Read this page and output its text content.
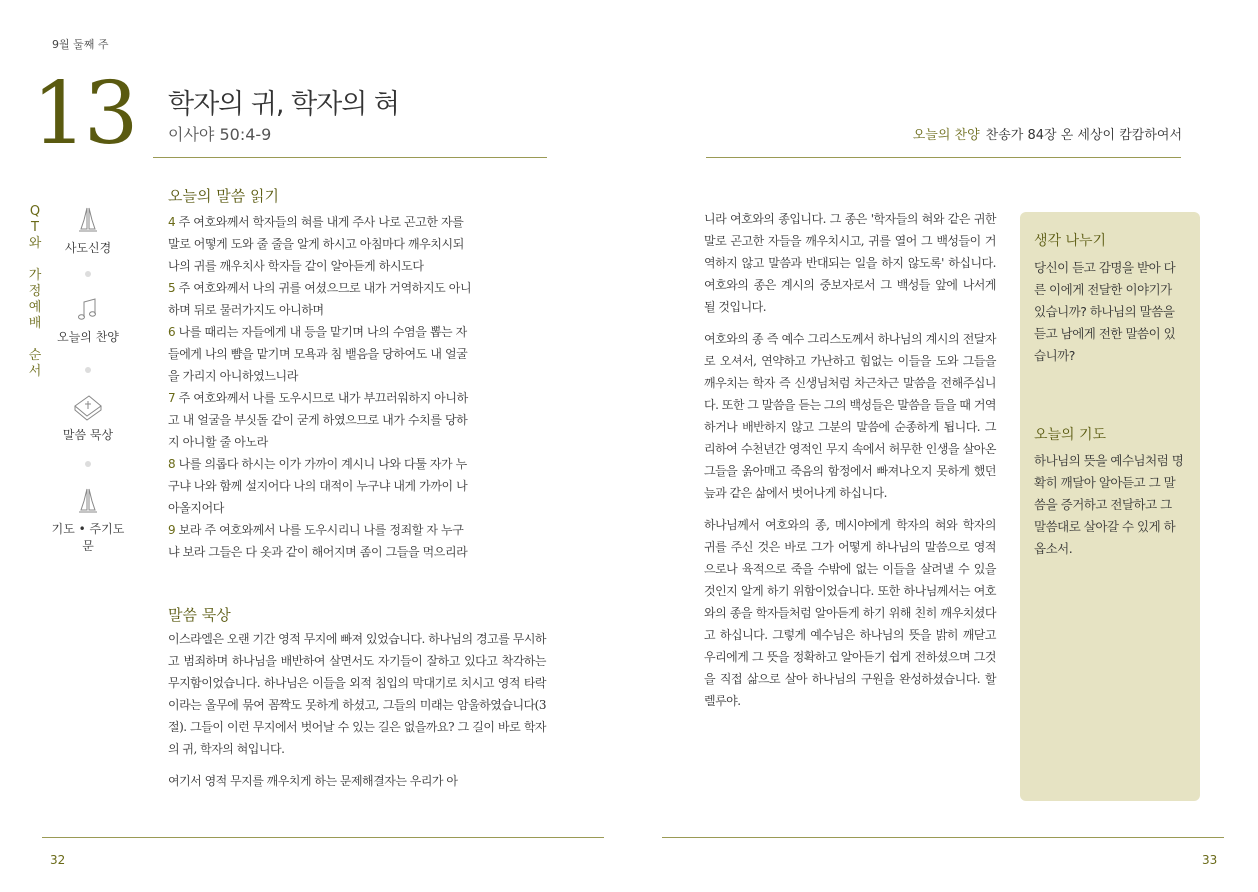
9월 둘째 주
13 학자의 귀, 학자의 혀
이사야 50:4-9	오늘의 찬양 찬송가 84장 온 세상이 캄캄하여서
Q
T
와
가
정
예
배
순
서
사도신경
오늘의 찬양
말씀 묵상
기도 • 주기도문
오늘의 말씀 읽기
4 주 여호와께서 학자들의 혀를 내게 주사 나로 곤고한 자를
말로 어떻게 도와 줄 줄을 알게 하시고 아침마다 깨우치시되
나의 귀를 깨우치사 학자들 같이 알아듣게 하시도다
5 주 여호와께서 나의 귀를 여셨으므로 내가 거역하지도 아니
하며 뒤로 물러가지도 아니하며
6 나를 때리는 자들에게 내 등을 맡기며 나의 수염을 뽑는 자
들에게 나의 뺨을 맡기며 모욕과 침 뱉음을 당하여도 내 얼굴
을 가리지 아니하였느니라
7 주 여호와께서 나를 도우시므로 내가 부끄러워하지 아니하
고 내 얼굴을 부싯돌 같이 굳게 하였으므로 내가 수치를 당하
지 아니할 줄 아노라
8 나를 의롭다 하시는 이가 가까이 계시니 나와 다툴 자가 누
구냐 나와 함께 설지어다 나의 대적이 누구냐 내게 가까이 나
아올지어다
9 보라 주 여호와께서 나를 도우시리니 나를 정죄할 자 누구
냐 보라 그들은 다 옷과 같이 해어지며 좀이 그들을 먹으리라
말씀 묵상

이스라엘은 오랜 기간 영적 무지에 빠져 있었습니다. 하나님의 경고를 무시하고 범죄하며 하나님을 배반하여 살면서도 자기들이 잘하고 있다고 착각하는 무지함이었습니다. 하나님은 이들을 외적 침입의 막대기로 치시고 영적 타락이라는 올무에 묶여 꼼짝도 못하게 하셨고, 그들의 미래는 암울하였습니다(3절). 그들이 이런 무지에서 벗어날 수 있는 길은 없을까요? 그 길이 바로 학자의 귀, 학자의 혀입니다.

여기서 영적 무지를 깨우치게 하는 문제해결자는 우리가 아

니라 여호와의 종입니다. 그 종은 '학자들의 혀와 같은 귀한 말로 곤고한 자들을 깨우치시고, 귀를 열어 그 백성들이 거역하지 않고 말씀과 반대되는 일을 하지 않도록' 하십니다. 여호와의 종은 계시의 중보자로서 그 백성들 앞에 나서게 될 것입니다.

여호와의 종 즉 예수 그리스도께서 하나님의 계시의 전달자로 오셔서, 연약하고 가난하고 힘없는 이들을 도와 그들을 깨우치는 학자 즉 신생님처럼 차근차근 말씀을 전해주십니다. 또한 그 말씀을 듣는 그의 백성들은 말씀을 들을 때 거역하거나 배반하지 않고 그분의 말씀에 순종하게 됩니다. 그리하여 수천년간 영적인 무지 속에서 허무한 인생을 살아온 그들을 옭아매고 죽음의 함정에서 빠져나오지 못하게 했던 늪과 같은 삶에서 벗어나게 하십니다.

하나님께서 여호와의 종, 메시야에게 학자의 혀와 학자의 귀를 주신 것은 바로 그가 어떻게 하나님의 말씀으로 영적으로나 육적으로 죽을 수밖에 없는 이들을 살려낼 수 있을 것인지 알게 하기 위함이었습니다. 또한 하나님께서는 여호와의 종을 학자들처럼 알아듣게 하기 위해 친히 깨우치셨다고 하십니다. 그렇게 예수님은 하나님의 뜻을 밝히 깨닫고 우리에게 그 뜻을 정확하고 알아듣기 쉽게 전하셨으며 그것을 직접 삶으로 살아 하나님의 구원을 완성하셨습니다. 할렐루야.

생각 나누기
당신이 듣고 감명을 받아 다른 이에게 전달한 이야기가 있습니까? 하나님의 말씀을 듣고 남에게 전한 말씀이 있습니까?
오늘의 기도
하나님의 뜻을 예수님처럼 명확히 깨달아 알아듣고 그 말씀을 증거하고 전달하고 그 말씀대로 살아갈 수 있게 하옵소서.
32	33
